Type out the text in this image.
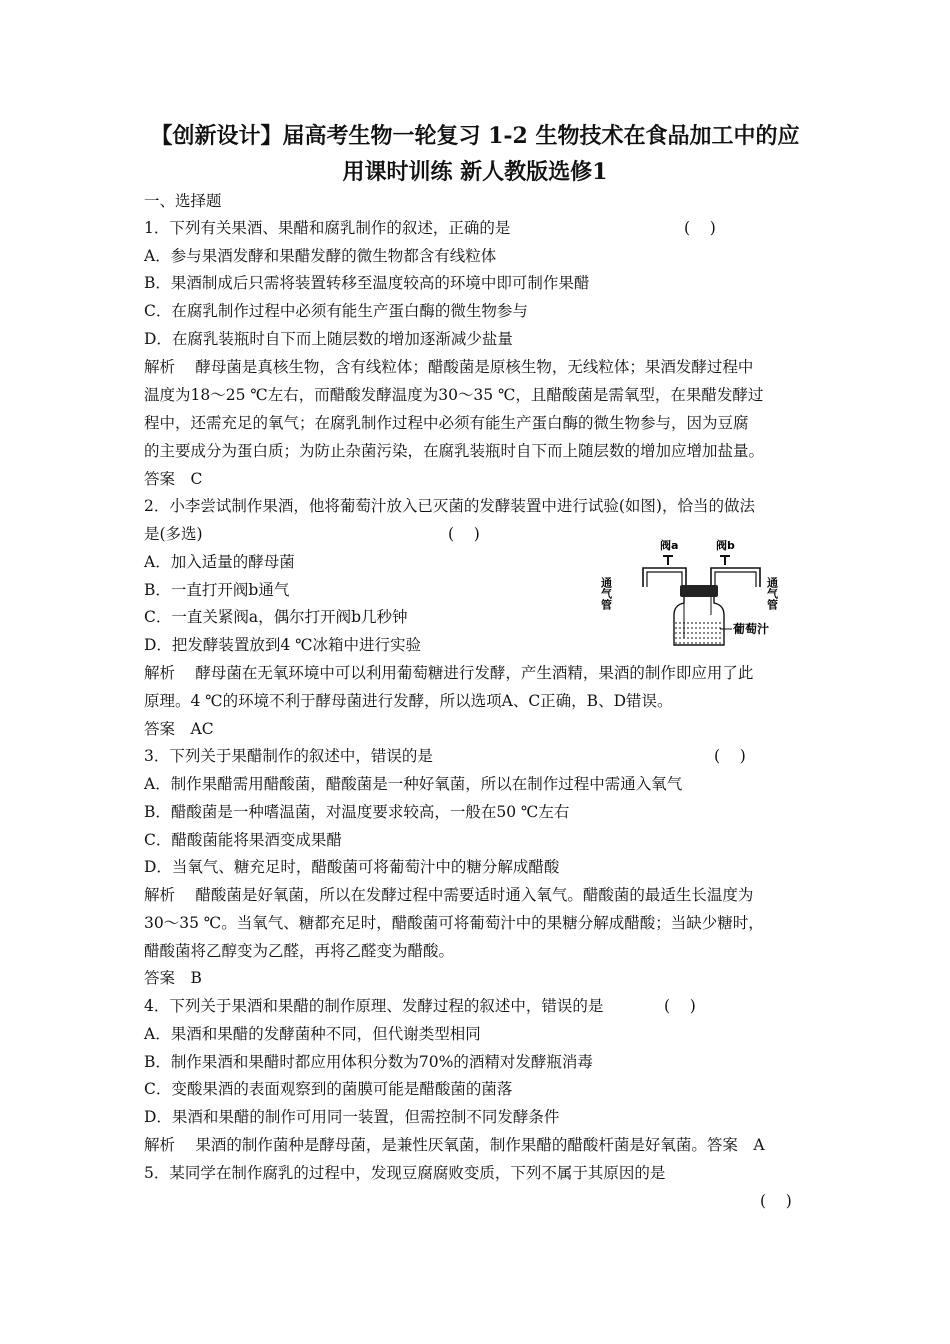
【创新设计】届高考生物一轮复习 1-2 生物技术在食品加工中的应
用课时训练 新人教版选修1
一、选择题
1．下列有关果酒、果醋和腐乳制作的叙述，正确的是	(    )
A．参与果酒发酵和果醋发酵的微生物都含有线粒体
B．果酒制成后只需将装置转移至温度较高的环境中即可制作果醋
C．在腐乳制作过程中必须有能生产蛋白酶的微生物参与
D．在腐乳装瓶时自下而上随层数的增加逐渐减少盐量
解析　 酵母菌是真核生物，含有线粒体；醋酸菌是原核生物，无线粒体；果酒发酵过程中
温度为18～25 ℃左右，而醋酸发酵温度为30～35 ℃，且醋酸菌是需氧型，在果醋发酵过
程中，还需充足的氧气；在腐乳制作过程中必须有能生产蛋白酶的微生物参与，因为豆腐
的主要成分为蛋白质；为防止杂菌污染，在腐乳装瓶时自下而上随层数的增加应增加盐量。
答案　C
2．小李尝试制作果酒，他将葡萄汁放入已灭菌的发酵装置中进行试验(如图)，恰当的做法
是(多选)	(    )
A．加入适量的酵母菌
B．一直打开阀b通气
C．一直关紧阀a，偶尔打开阀b几秒钟
D．把发酵装置放到4 ℃冰箱中进行实验
阀a	阀b
葡萄汁
通气管	通气管
解析　 酵母菌在无氧环境中可以利用葡萄糖进行发酵，产生酒精，果酒的制作即应用了此
原理。4 ℃的环境不利于酵母菌进行发酵，所以选项A、C正确，B、D错误。
答案　AC
3．下列关于果醋制作的叙述中，错误的是	(    )
A．制作果醋需用醋酸菌，醋酸菌是一种好氧菌，所以在制作过程中需通入氧气
B．醋酸菌是一种嗜温菌，对温度要求较高，一般在50 ℃左右
C．醋酸菌能将果酒变成果醋
D．当氧气、糖充足时，醋酸菌可将葡萄汁中的糖分解成醋酸
解析　 醋酸菌是好氧菌，所以在发酵过程中需要适时通入氧气。醋酸菌的最适生长温度为
30～35 ℃。当氧气、糖都充足时，醋酸菌可将葡萄汁中的果糖分解成醋酸；当缺少糖时，
醋酸菌将乙醇变为乙醛，再将乙醛变为醋酸。
答案　B
4．下列关于果酒和果醋的制作原理、发酵过程的叙述中，错误的是	(    )
A．果酒和果醋的发酵菌种不同，但代谢类型相同
B．制作果酒和果醋时都应用体积分数为70%的酒精对发酵瓶消毒
C．变酸果酒的表面观察到的菌膜可能是醋酸菌的菌落
D．果酒和果醋的制作可用同一装置，但需控制不同发酵条件
解析　 果酒的制作菌种是酵母菌，是兼性厌氧菌，制作果醋的醋酸杆菌是好氧菌。答案　A
5．某同学在制作腐乳的过程中，发现豆腐腐败变质，下列不属于其原因的是
(    )
